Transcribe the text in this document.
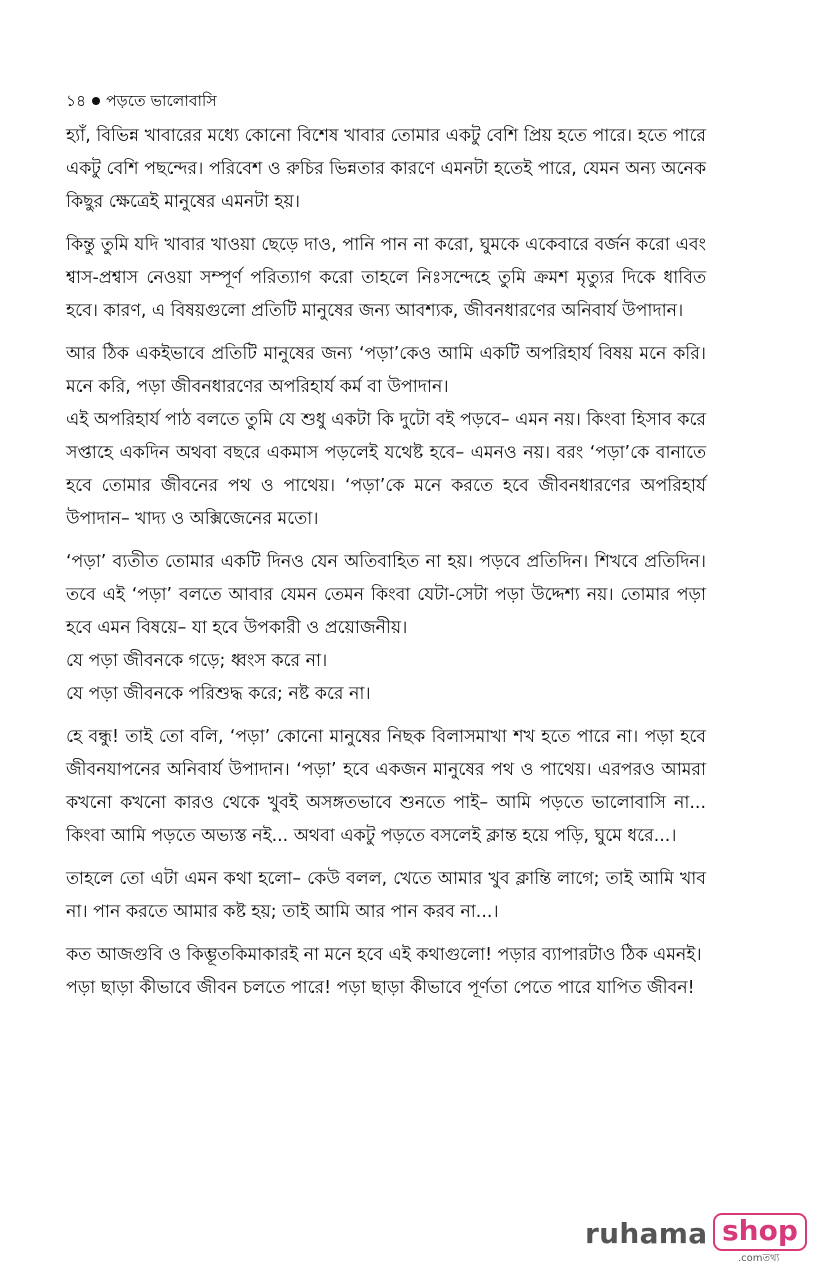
১৪ পড়তে ভালোবাসি

হ্যাঁ, বিভিন্ন খাবারের মধ্যে কোনো বিশেষ খাবার তোমার একটু বেশি প্রিয় হতে পারে। হতে পারে একটু বেশি পছন্দের। পরিবেশ ও রুচির ভিন্নতার কারণে এমনটা হতেই পারে, যেমন অন্য অনেক কিছুর ক্ষেত্রেই মানুষের এমনটা হয়।

কিন্তু তুমি যদি খাবার খাওয়া ছেড়ে দাও, পানি পান না করো, ঘুমকে একেবারে বর্জন করো এবং শ্বাস-প্রশ্বাস নেওয়া সম্পূর্ণ পরিত্যাগ করো তাহলে নিঃসন্দেহে তুমি ক্রমশ মৃত্যুর দিকে ধাবিত হবে। কারণ, এ বিষয়গুলো প্রতিটি মানুষের জন্য আবশ্যক, জীবনধারণের অনিবার্য উপাদান।

আর ঠিক একইভাবে প্রতিটি মানুষের জন্য ‘পড়া’কেও আমি একটি অপরিহার্য বিষয় মনে করি। মনে করি, পড়া জীবনধারণের অপরিহার্য কর্ম বা উপাদান।

এই অপরিহার্য পাঠ বলতে তুমি যে শুধু একটা কি দুটো বই পড়বে– এমন নয়। কিংবা হিসাব করে সপ্তাহে একদিন অথবা বছরে একমাস পড়লেই যথেষ্ট হবে– এমনও নয়। বরং ‘পড়া’কে বানাতে হবে তোমার জীবনের পথ ও পাথেয়। ‘পড়া’কে মনে করতে হবে জীবনধারণের অপরিহার্য উপাদান– খাদ্য ও অক্সিজেনের মতো।

‘পড়া’ ব্যতীত তোমার একটি দিনও যেন অতিবাহিত না হয়। পড়বে প্রতিদিন। শিখবে প্রতিদিন। তবে এই ‘পড়া’ বলতে আবার যেমন তেমন কিংবা যেটা-সেটা পড়া উদ্দেশ্য নয়। তোমার পড়া হবে এমন বিষয়ে– যা হবে উপকারী ও প্রয়োজনীয়।

যে পড়া জীবনকে গড়ে; ধ্বংস করে না।

যে পড়া জীবনকে পরিশুদ্ধ করে; নষ্ট করে না।

হে বন্ধু! তাই তো বলি, ‘পড়া’ কোনো মানুষের নিছক বিলাসমাখা শখ হতে পারে না। পড়া হবে জীবনযাপনের অনিবার্য উপাদান। ‘পড়া’ হবে একজন মানুষের পথ ও পাথেয়। এরপরও আমরা কখনো কখনো কারও থেকে খুবই অসঙ্গতভাবে শুনতে পাই– আমি পড়তে ভালোবাসি না... কিংবা আমি পড়তে অভ্যস্ত নই... অথবা একটু পড়তে বসলেই ক্লান্ত হয়ে পড়ি, ঘুমে ধরে...।

তাহলে তো এটা এমন কথা হলো– কেউ বলল, খেতে আমার খুব ক্লান্তি লাগে; তাই আমি খাব না। পান করতে আমার কষ্ট হয়; তাই আমি আর পান করব না...।

কত আজগুবি ও কিম্ভূতকিমাকারই না মনে হবে এই কথাগুলো! পড়ার ব্যাপারটাও ঠিক এমনই।

পড়া ছাড়া কীভাবে জীবন চলতে পারে! পড়া ছাড়া কীভাবে পূর্ণতা পেতে পারে যাপিত জীবন!

ruhama shop
.comতথ্য
